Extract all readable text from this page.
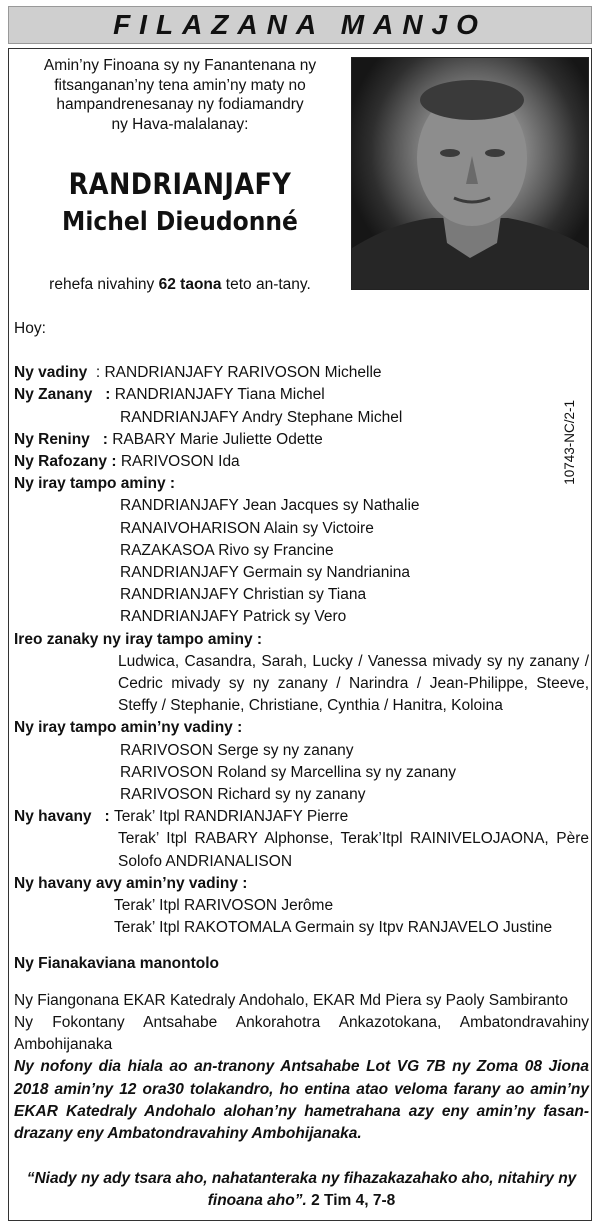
FILAZANA MANJO
Amin’ny Finoana sy ny Fanantenana ny
fitsanganan’ny tena amin’ny maty no
hampandrenesanay ny fodiamandry
ny Hava-malalanay:
RANDRIANJAFY
Michel Dieudonné
rehefa nivahiny 62 taona teto an-tany.
10743-NC/2-1
Hoy:
Ny vadiny : RANDRIANJAFY RARIVOSON Michelle
Ny Zanany : RANDRIANJAFY Tiana Michel
RANDRIANJAFY Andry Stephane Michel
Ny Reniny : RABARY Marie Juliette Odette
Ny Rafozany : RARIVOSON Ida
Ny iray tampo aminy :
RANDRIANJAFY Jean Jacques sy Nathalie
RANAIVOHARISON Alain sy Victoire
RAZAKASOA Rivo sy Francine
RANDRIANJAFY Germain sy Nandrianina
RANDRIANJAFY Christian sy Tiana
RANDRIANJAFY Patrick sy Vero
Ireo zanaky ny iray tampo aminy :
Ludwica, Casandra, Sarah, Lucky / Vanessa mivady sy ny zanany / Cedric mivady sy ny zanany / Narindra / Jean-Philippe, Steeve, Steffy / Stephanie, Christiane, Cynthia / Hanitra, Koloina
Ny iray tampo amin’ny vadiny :
RARIVOSON Serge sy ny zanany
RARIVOSON Roland sy Marcellina sy ny zanany
RARIVOSON Richard sy ny zanany
Ny havany : Terak’ Itpl RANDRIANJAFY Pierre
Terak’ Itpl RABARY Alphonse, Terak’Itpl RAINIVELOJAONA, Père Solofo ANDRIANALISON
Ny havany avy amin’ny vadiny :
Terak’ Itpl RARIVOSON Jerôme
Terak’ Itpl RAKOTOMALA Germain sy Itpv RANJAVELO Justine
Ny Fianakaviana manontolo
Ny Fiangonana EKAR Katedraly Andohalo, EKAR Md Piera sy Paoly Sambiranto
Ny Fokontany Antsahabe Ankorahotra Ankazotokana, Ambatondravahiny Ambohijanaka
Ny nofony dia hiala ao an-tranony Antsahabe Lot VG 7B ny Zoma 08 Jiona 2018 amin’ny 12 ora30 tolakandro, ho entina atao veloma farany ao amin’ny EKAR Katedraly Andohalo alohan’ny hametrahana azy eny amin’ny fasan-drazany eny Ambatondravahiny Ambohijanaka.
“Niady ny ady tsara aho, nahatanteraka ny fihazakazahako aho, nitahiry ny finoana aho”. 2 Tim 4, 7-8
